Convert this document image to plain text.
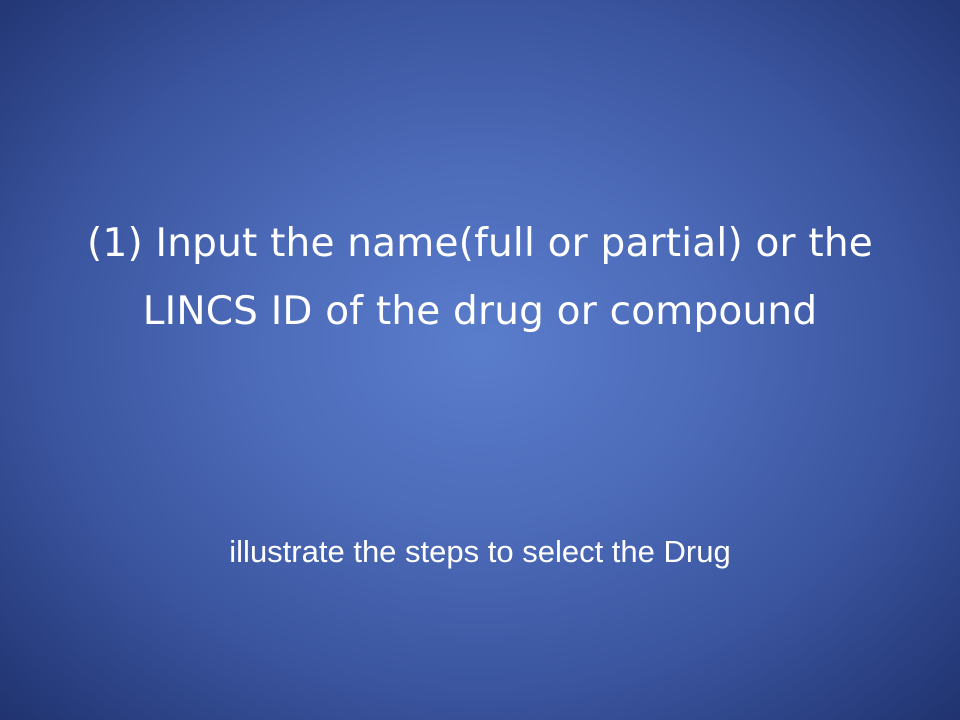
(1) Input the name(full or partial) or the LINCS ID of the drug or compound

illustrate the steps to select the Drug
